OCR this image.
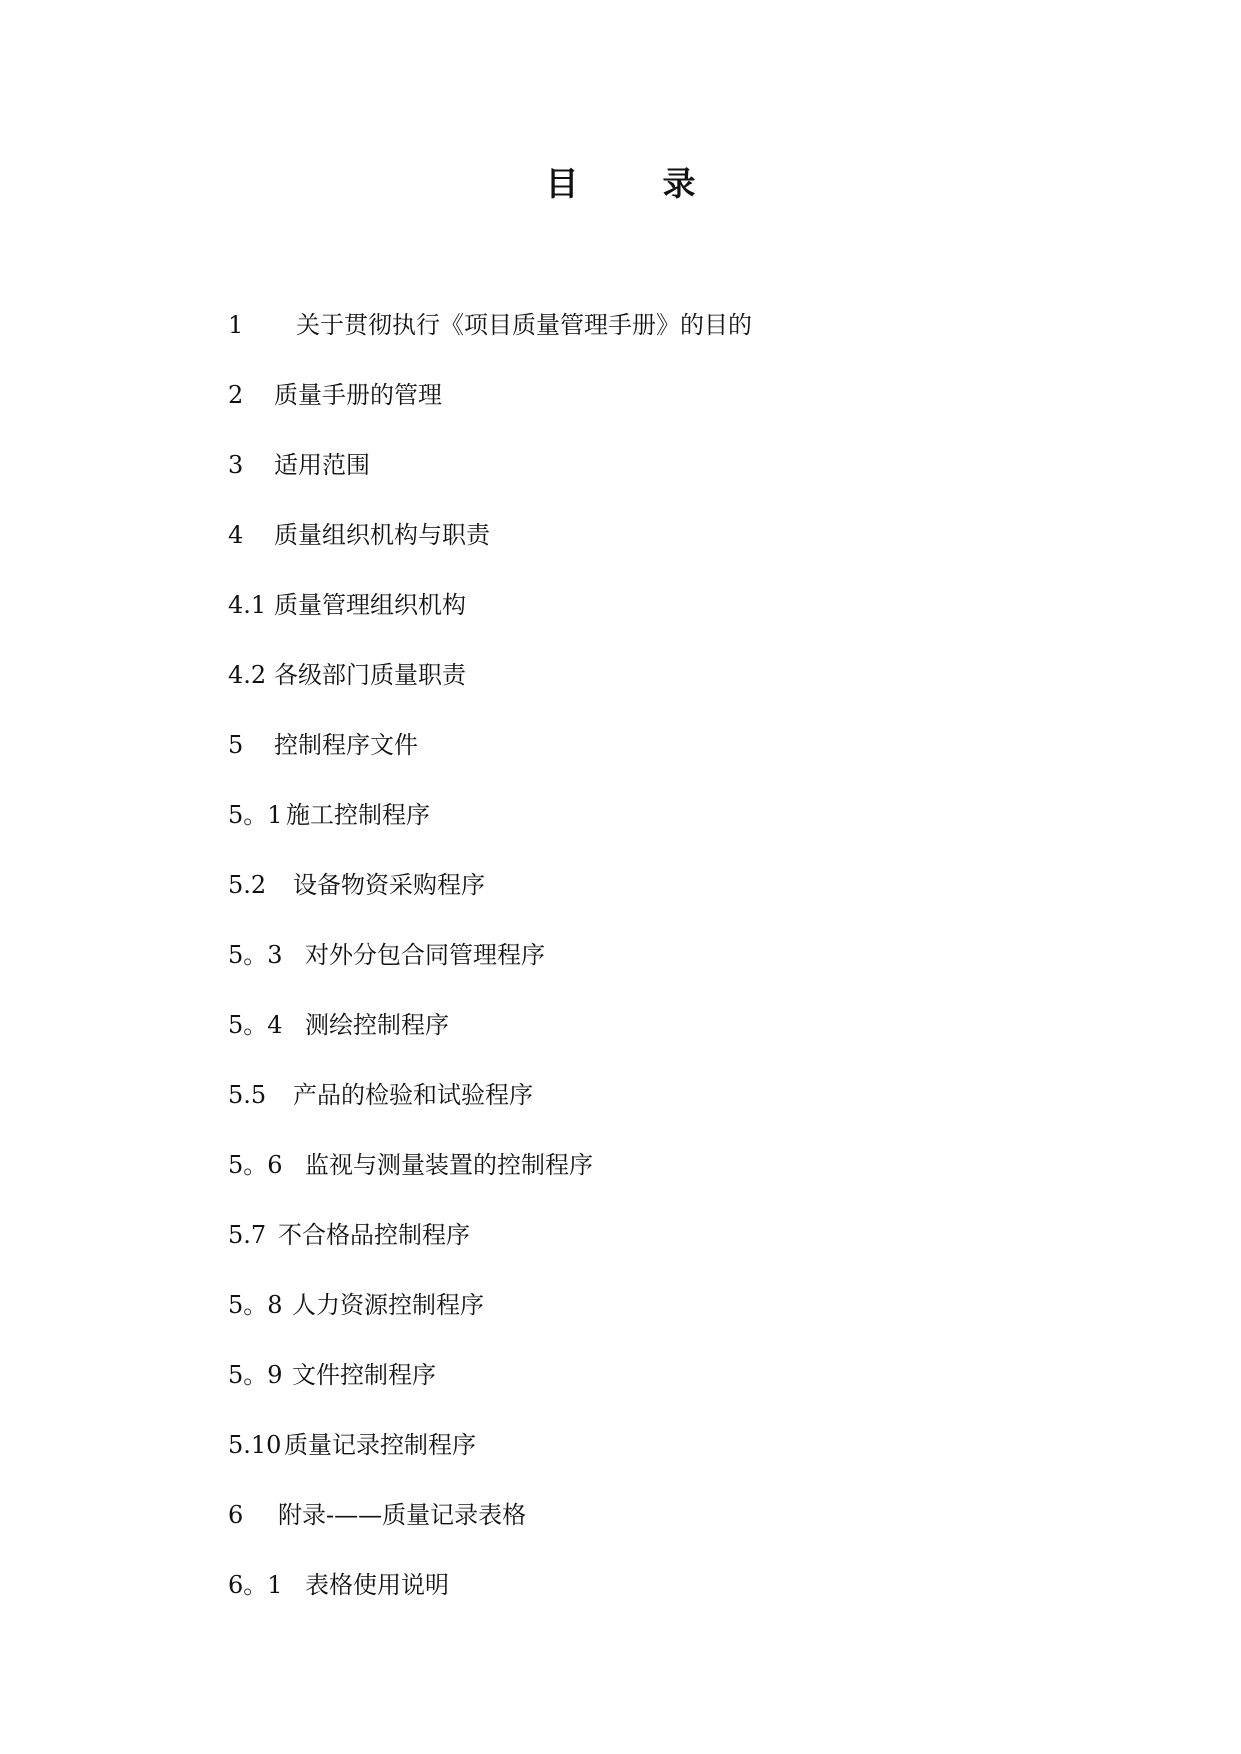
目	录
1 关于贯彻执行《项目质量管理手册》的目的
2 质量手册的管理
3 适用范围
4 质量组织机构与职责
4.1 质量管理组织机构
4.2 各级部门质量职责
5 控制程序文件
5。1 施工控制程序
5.2 设备物资采购程序
5。3 对外分包合同管理程序
5。4 测绘控制程序
5.5 产品的检验和试验程序
5。6 监视与测量装置的控制程序
5.7 不合格品控制程序
5。8 人力资源控制程序
5。9 文件控制程序
5.10 质量记录控制程序
6 附录-——质量记录表格
6。1 表格使用说明
